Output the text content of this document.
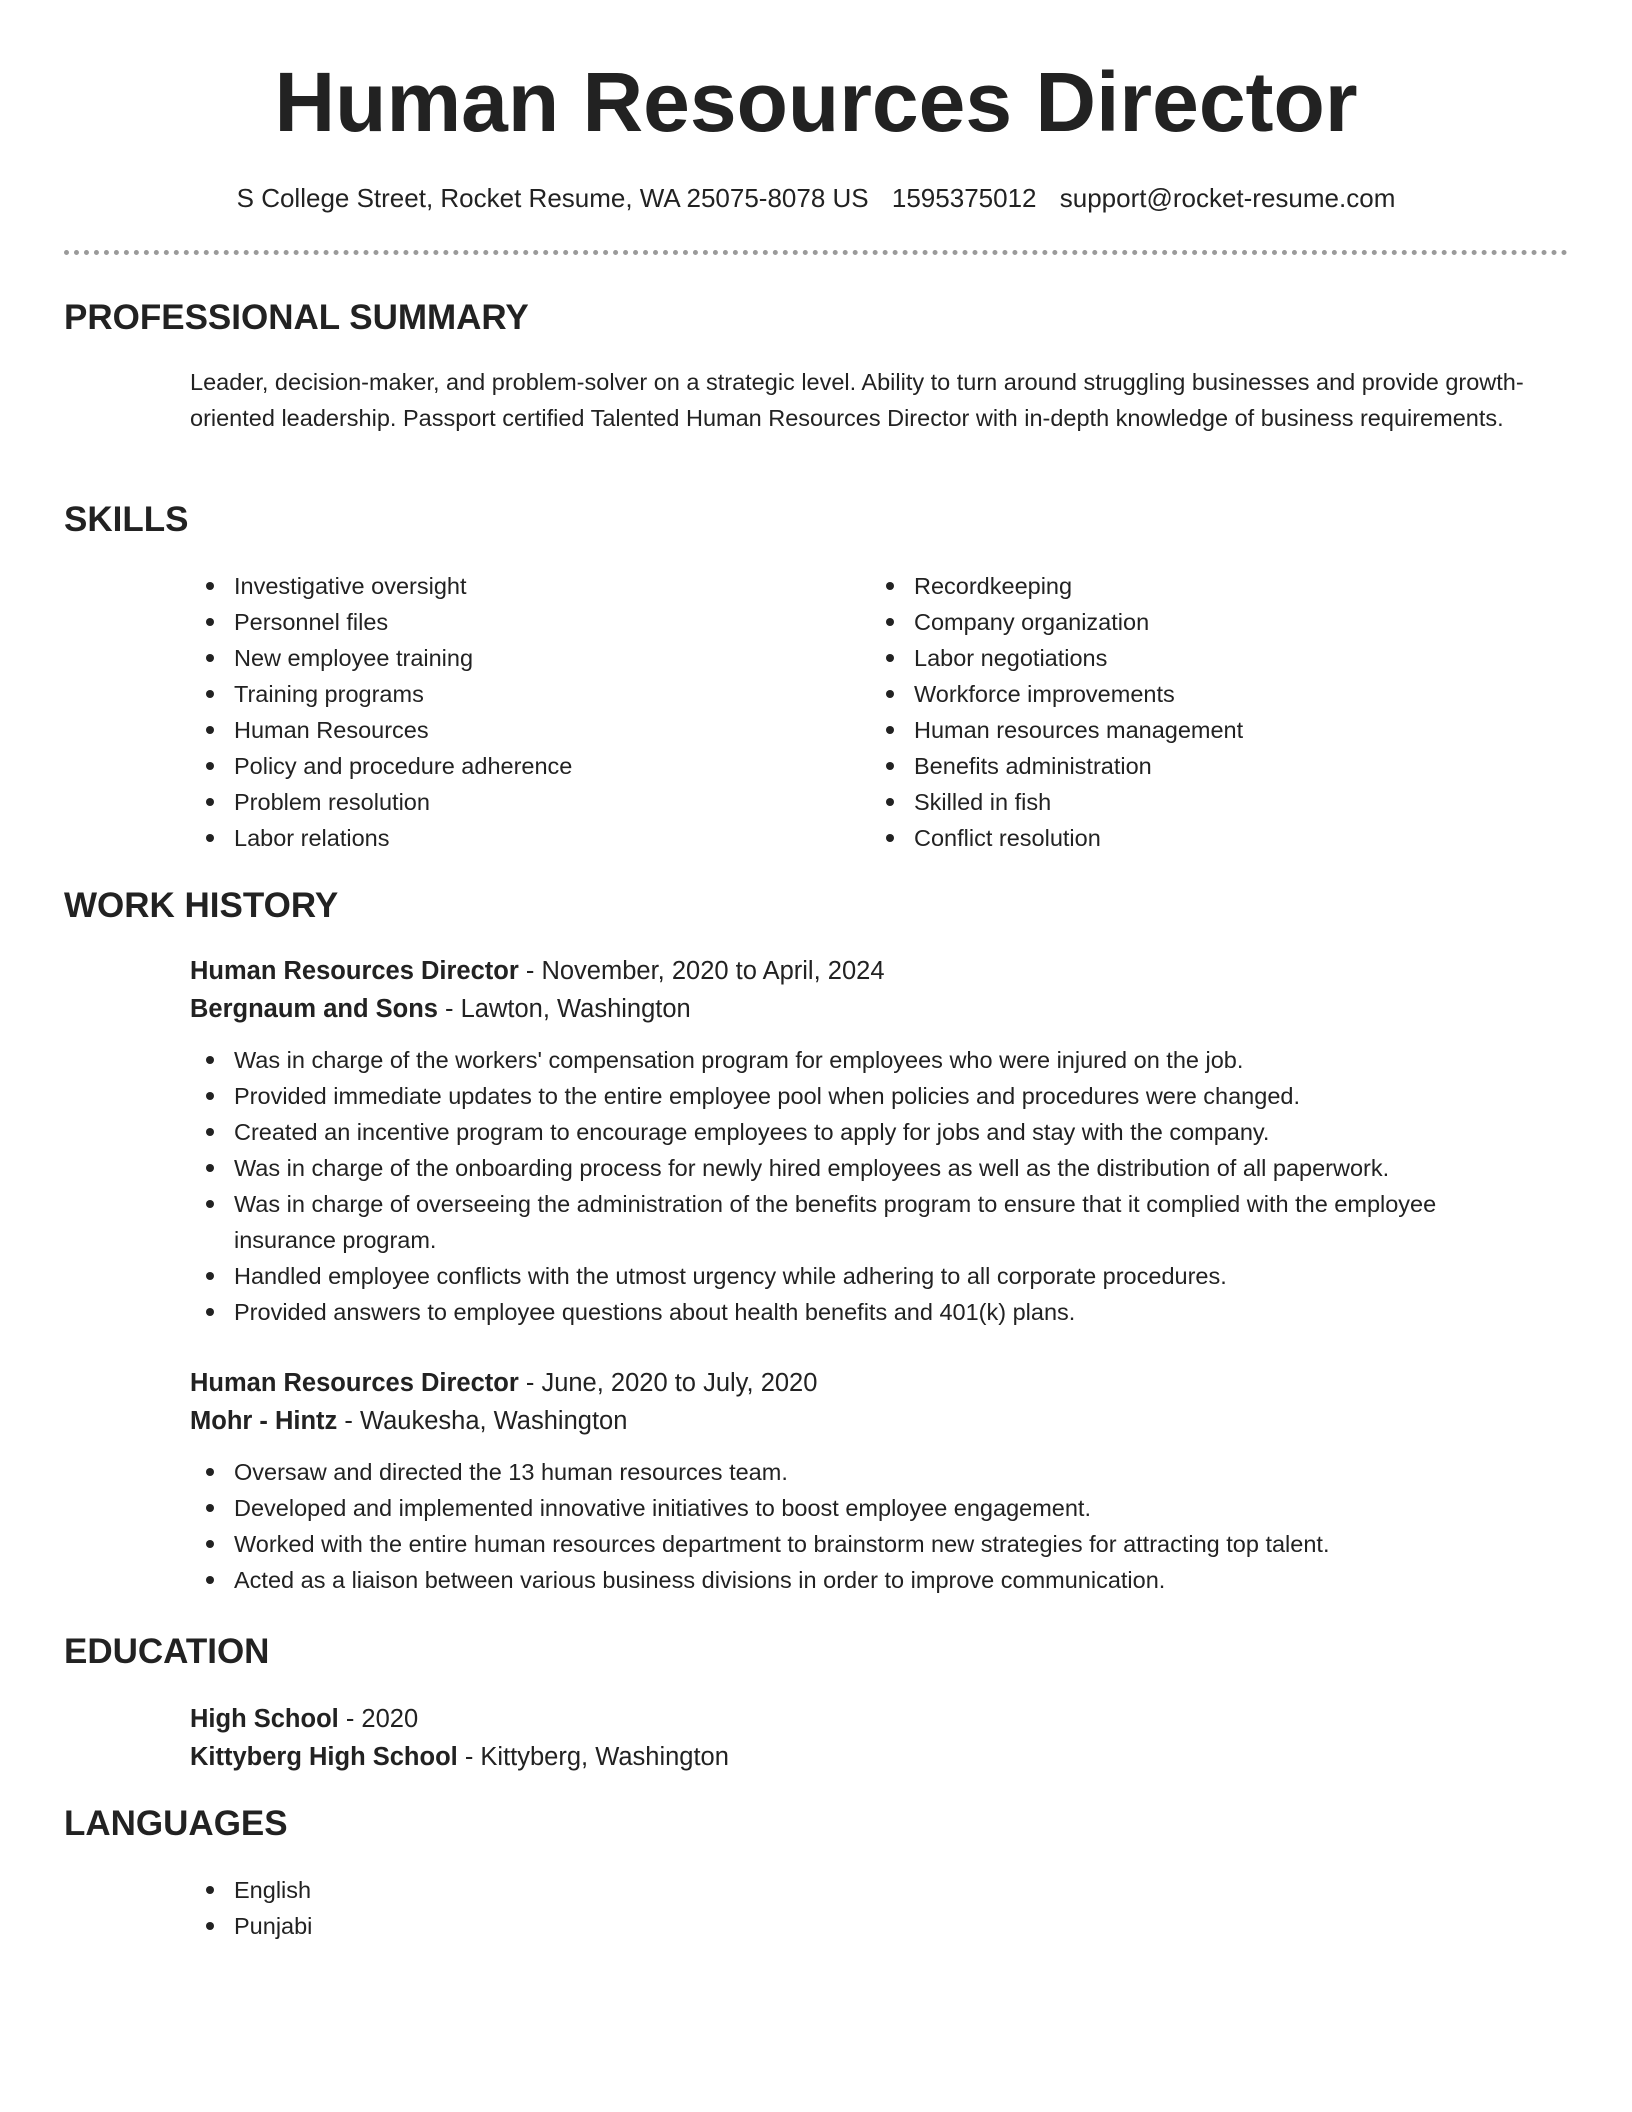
Human Resources Director
S College Street, Rocket Resume, WA 25075-8078 US 1595375012 support@rocket-resume.com
PROFESSIONAL SUMMARY

Leader, decision-maker, and problem-solver on a strategic level. Ability to turn around struggling businesses and provide growth-oriented leadership. Passport certified Talented Human Resources Director with in-depth knowledge of business requirements.

SKILLS
Investigative oversight
Personnel files
New employee training
Training programs
Human Resources
Policy and procedure adherence
Problem resolution
Labor relations
Recordkeeping
Company organization
Labor negotiations
Workforce improvements
Human resources management
Benefits administration
Skilled in fish
Conflict resolution
WORK HISTORY
Human Resources Director - November, 2020 to April, 2024
Bergnaum and Sons - Lawton, Washington
Was in charge of the workers' compensation program for employees who were injured on the job.
Provided immediate updates to the entire employee pool when policies and procedures were changed.
Created an incentive program to encourage employees to apply for jobs and stay with the company.
Was in charge of the onboarding process for newly hired employees as well as the distribution of all paperwork.
Was in charge of overseeing the administration of the benefits program to ensure that it complied with the employee insurance program.
Handled employee conflicts with the utmost urgency while adhering to all corporate procedures.
Provided answers to employee questions about health benefits and 401(k) plans.
Human Resources Director - June, 2020 to July, 2020
Mohr - Hintz - Waukesha, Washington
Oversaw and directed the 13 human resources team.
Developed and implemented innovative initiatives to boost employee engagement.
Worked with the entire human resources department to brainstorm new strategies for attracting top talent.
Acted as a liaison between various business divisions in order to improve communication.
EDUCATION
High School - 2020
Kittyberg High School - Kittyberg, Washington
LANGUAGES
English
Punjabi
